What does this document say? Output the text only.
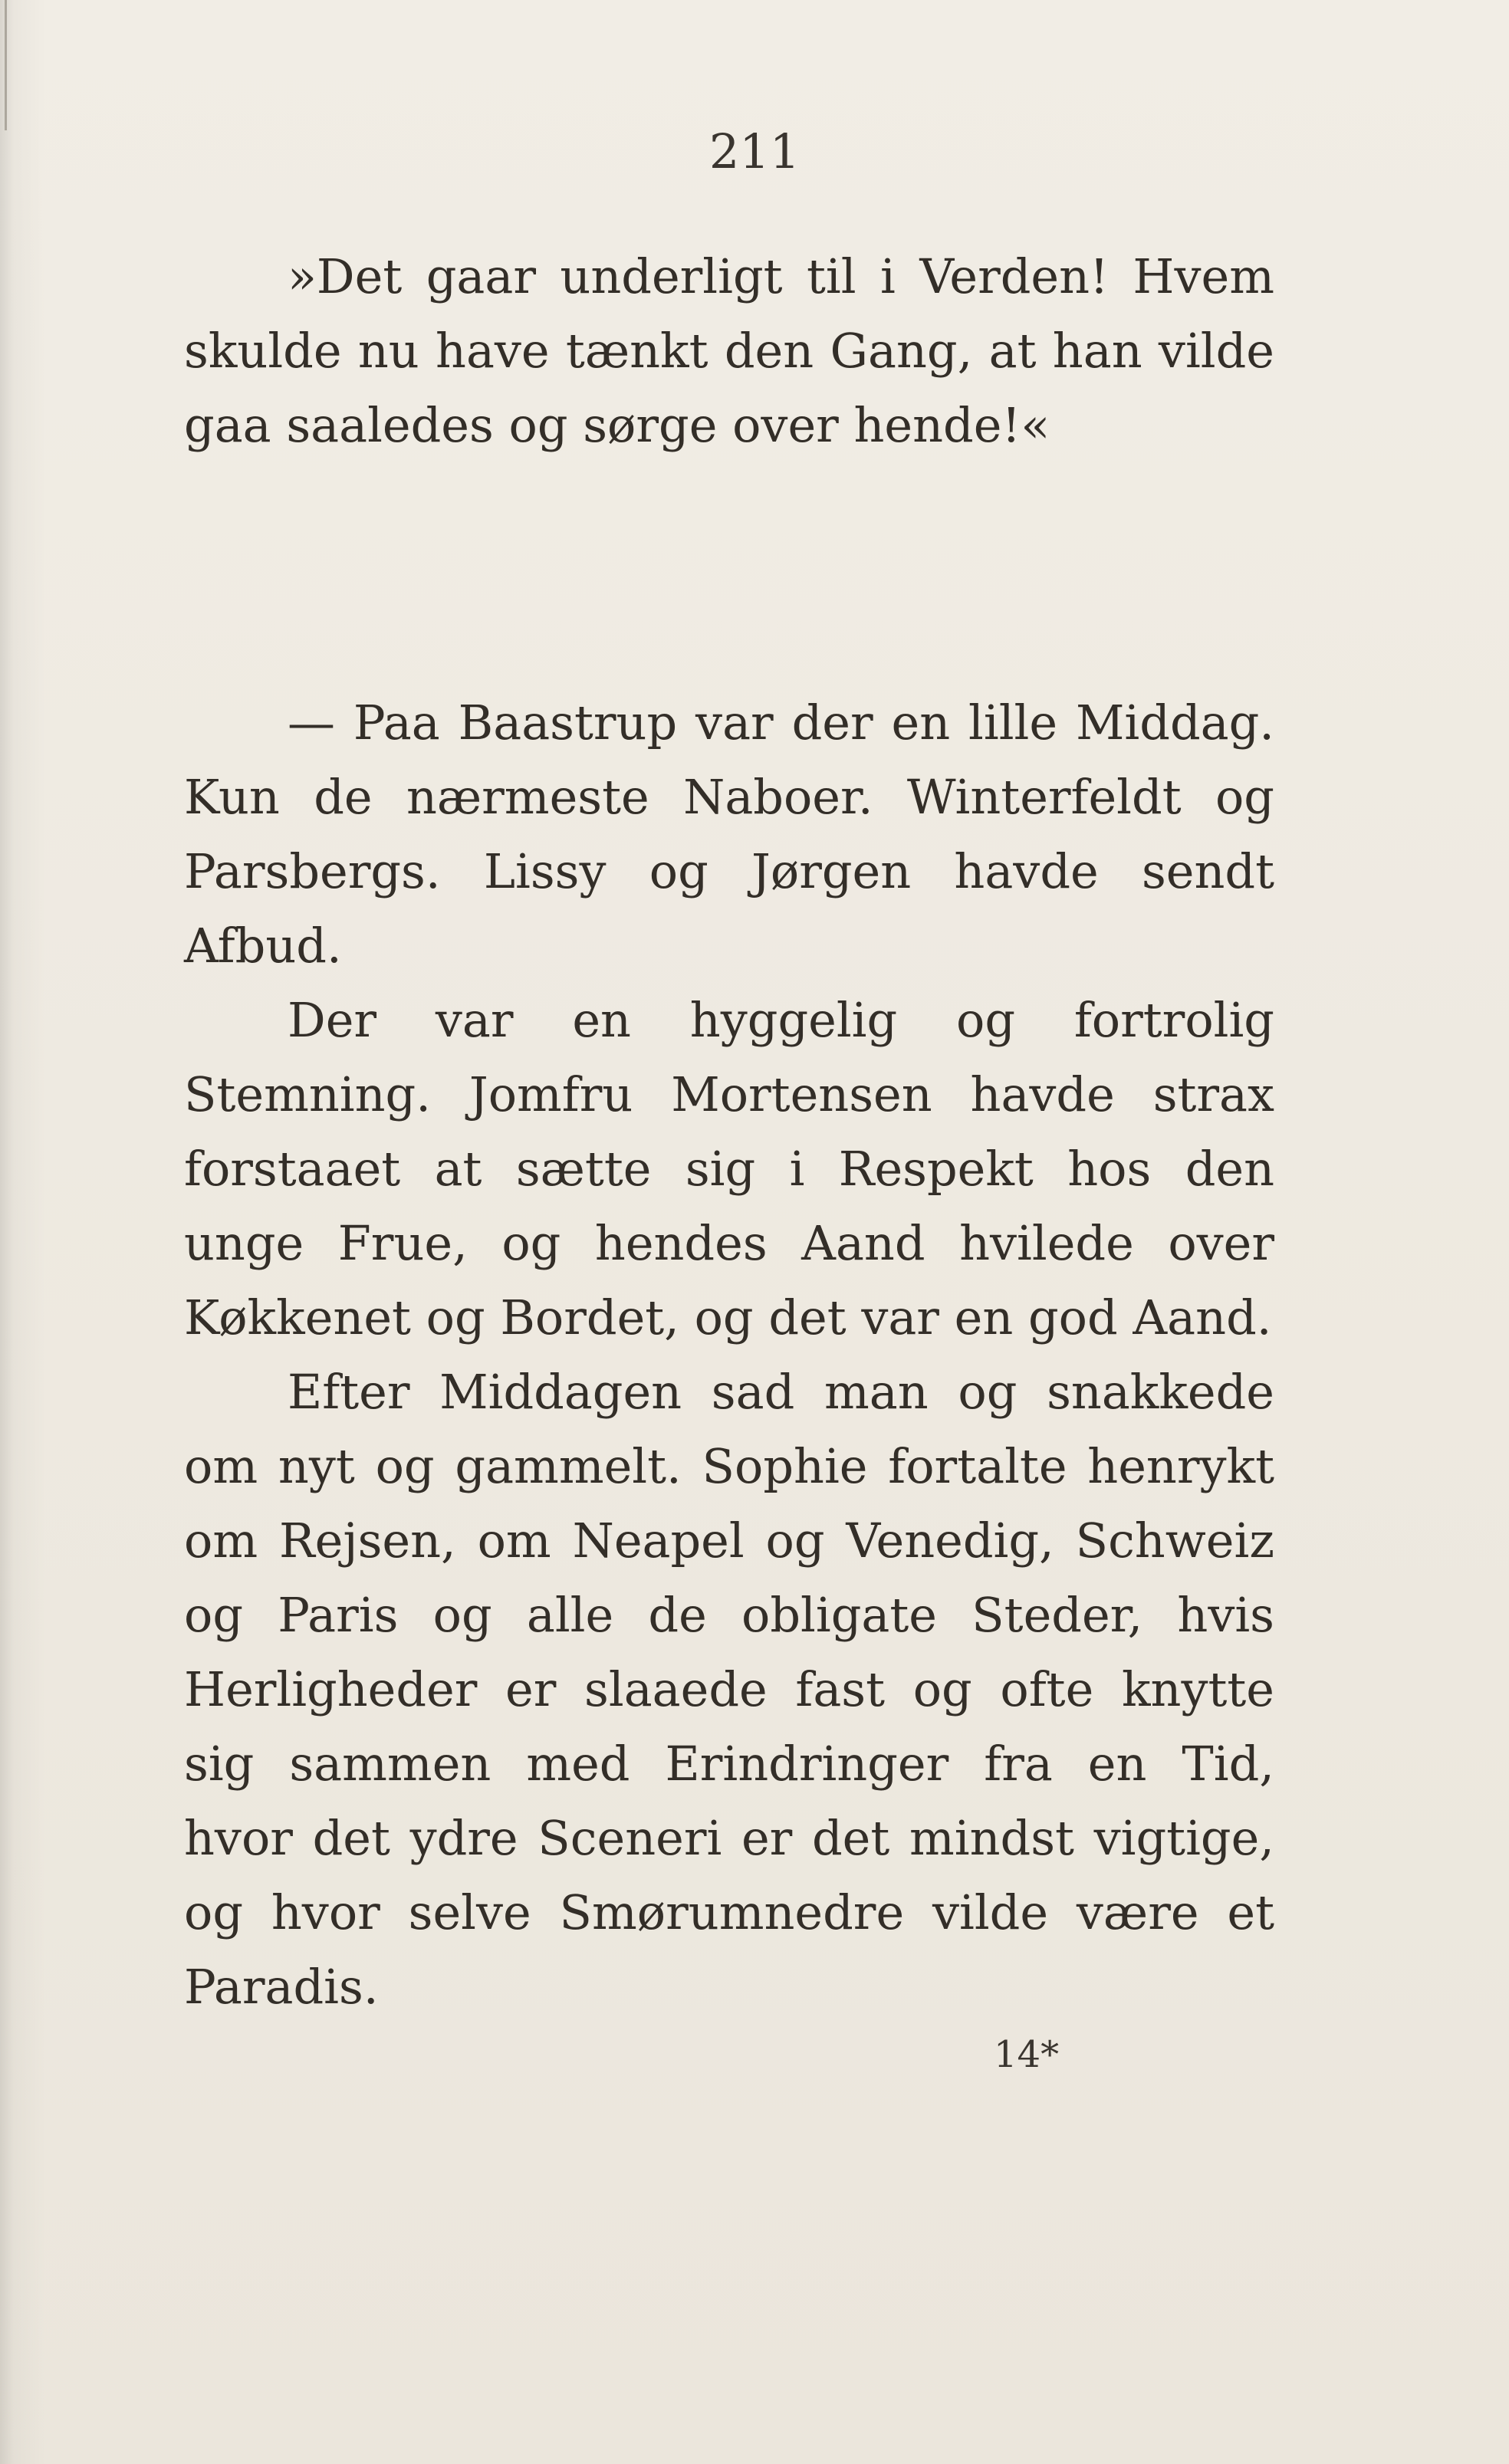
211

»Det gaar underligt til i Verden! Hvem skulde nu have tænkt den Gang, at han vilde gaa saaledes og sørge over hende!«

— Paa Baastrup var der en lille Middag. Kun de nærmeste Naboer. Winterfeldt og Parsbergs. Lissy og Jørgen havde sendt Afbud.

Der var en hyggelig og fortrolig Stemning. Jomfru Mortensen havde strax forstaaet at sætte sig i Respekt hos den unge Frue, og hendes Aand hvilede over Køkkenet og Bordet, og det var en god Aand.

Efter Middagen sad man og snakkede om nyt og gammelt. Sophie fortalte henrykt om Rejsen, om Neapel og Venedig, Schweiz og Paris og alle de obligate Steder, hvis Herligheder er slaaede fast og ofte knytte sig sammen med Erindringer fra en Tid, hvor det ydre Sceneri er det mindst vigtige, og hvor selve Smørumnedre vilde være et Paradis.

14*
